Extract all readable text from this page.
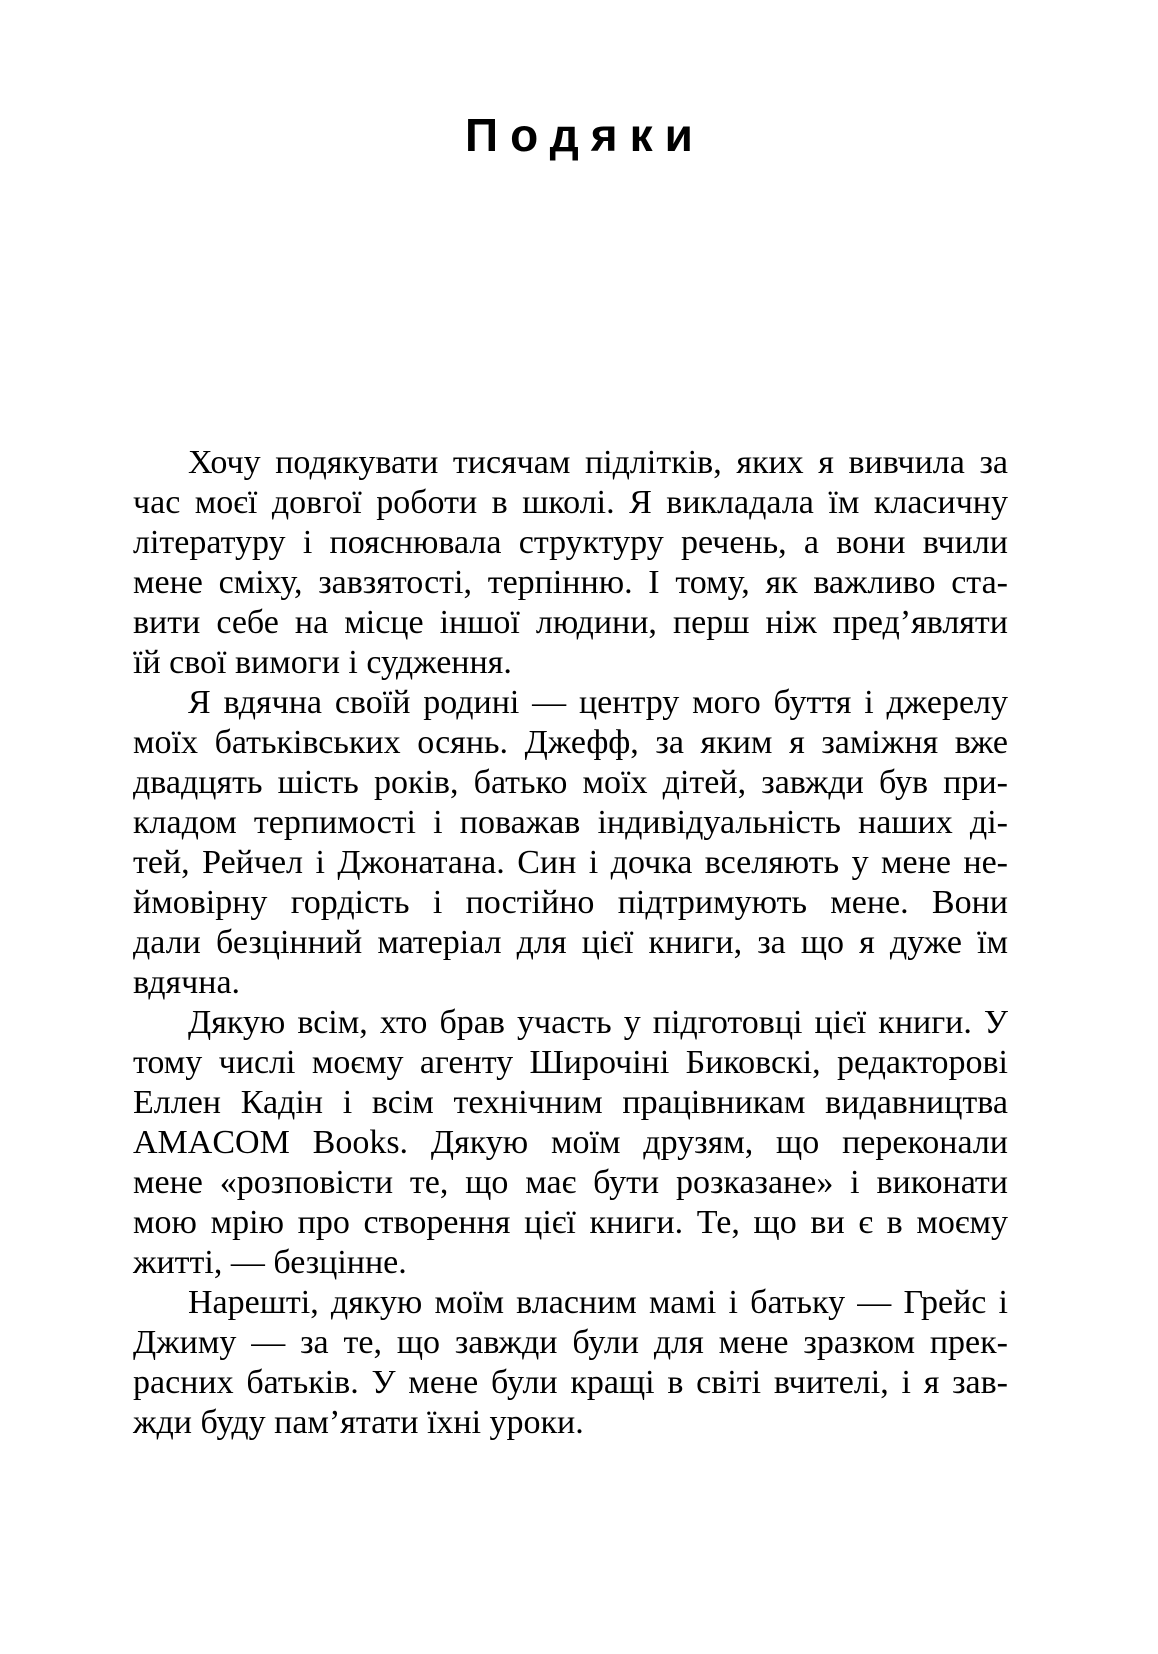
Подяки
Хочу подякувати тисячам підлітків, яких я вивчила за
час моєї довгої роботи в школі. Я викладала їм класичну
літературу і пояснювала структуру речень, а вони вчили
мене сміху, завзятості, терпінню. І тому, як важливо ста-
вити себе на місце іншої людини, перш ніж пред’являти
їй свої вимоги і судження.
Я вдячна своїй родині — центру мого буття і джерелу
моїх батьківських осянь. Джефф, за яким я заміжня вже
двадцять шість років, батько моїх дітей, завжди був при-
кладом терпимості і поважав індивідуальність наших ді-
тей, Рейчел і Джонатана. Син і дочка вселяють у мене не-
ймовірну гордість і постійно підтримують мене. Вони
дали безцінний матеріал для цієї книги, за що я дуже їм
вдячна.
Дякую всім, хто брав участь у підготовці цієї книги. У
тому числі моєму агенту Широчіні Биковскі, редакторові
Еллен Кадін і всім технічним працівникам видавництва
AMACOM Books. Дякую моїм друзям, що переконали
мене «розповісти те, що має бути розказане» і виконати
мою мрію про створення цієї книги. Те, що ви є в моєму
житті, — безцінне.
Нарешті, дякую моїм власним мамі і батьку — Грейс і
Джиму — за те, що завжди були для мене зразком прек-
расних батьків. У мене були кращі в світі вчителі, і я зав-
жди буду пам’ятати їхні уроки.
